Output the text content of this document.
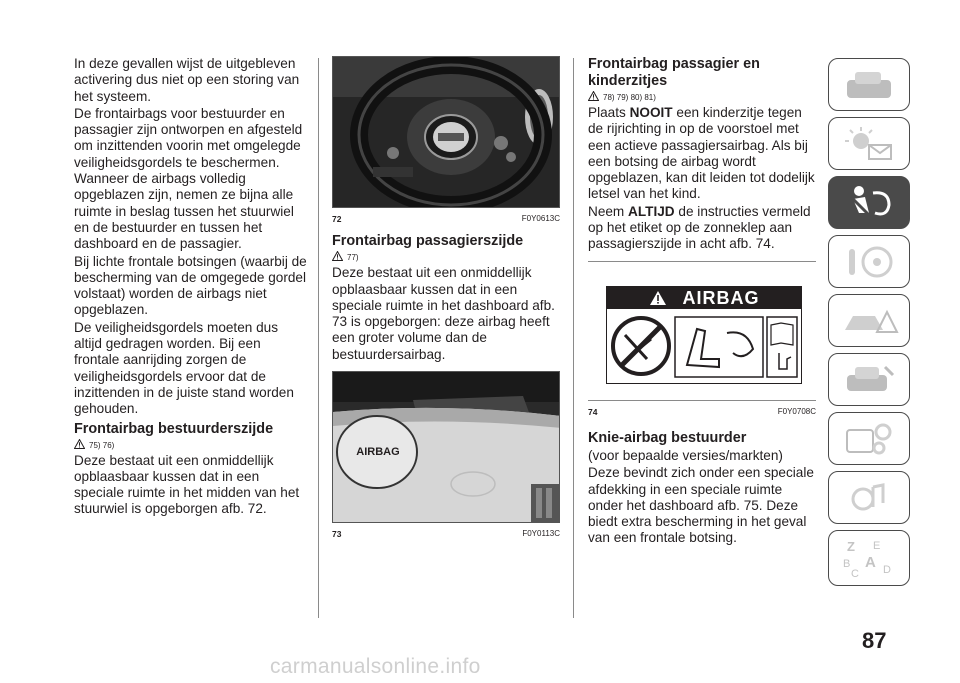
In deze gevallen wijst de uitgebleven activering dus niet op een storing van het systeem.

De frontairbags voor bestuurder en passagier zijn ontworpen en afgesteld om inzittenden voorin met omgelegde veiligheidsgordels te beschermen. Wanneer de airbags volledig opgeblazen zijn, nemen ze bijna alle ruimte in beslag tussen het stuurwiel en de bestuurder en tussen het dashboard en de passagier.

Bij lichte frontale botsingen (waarbij de bescherming van de omgegede gordel volstaat) worden de airbags niet opgeblazen.

De veiligheidsgordels moeten dus altijd gedragen worden. Bij een frontale aanrijding zorgen de veiligheidsgordels ervoor dat de inzittenden in de juiste stand worden gehouden.

Frontairbag bestuurderszijde
75) 76)

Deze bestaat uit een onmiddellijk opblaasbaar kussen dat in een speciale ruimte in het midden van het stuurwiel is opgeborgen afb. 72.

72	F0Y0613C
Frontairbag passagierszijde
77)

Deze bestaat uit een onmiddellijk opblaasbaar kussen dat in een speciale ruimte in het dashboard afb. 73 is opgeborgen: deze airbag heeft een groter volume dan de bestuurdersairbag.

AIRBAG
73	F0Y0113C
Frontairbag passagier en kinderzitjes
78) 79) 80) 81)

Plaats NOOIT een kinderzitje tegen de rijrichting in op de voorstoel met een actieve passagiersairbag. Als bij een botsing de airbag wordt opgeblazen, kan dit leiden tot dodelijk letsel van het kind.

Neem ALTIJD de instructies vermeld op het etiket op de zonneklep aan passagierszijde in acht afb. 74.

AIRBAG
74	F0Y0708C
Knie-airbag bestuurder

(voor bepaalde versies/markten)

Deze bevindt zich onder een speciale afdekking in een speciale ruimte onder het dashboard afb. 75. Deze biedt extra bescherming in het geval van een frontale botsing.

Z E
B A
C D
87
carmanualsonline.info
